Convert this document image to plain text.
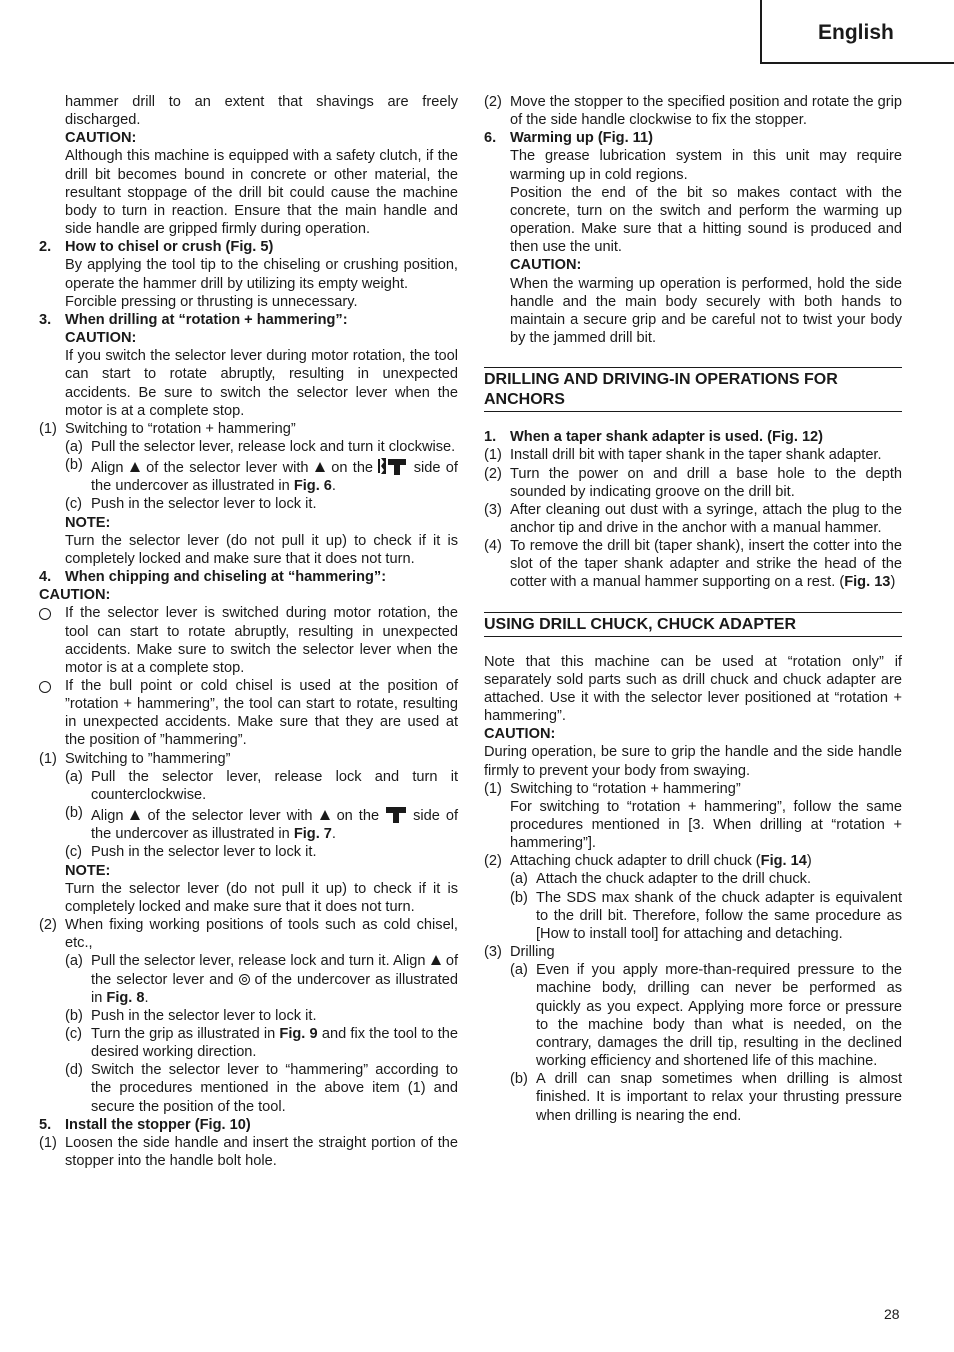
English
hammer drill to an extent that shavings are freely discharged.
CAUTION:
Although this machine is equipped with a safety clutch, if the drill bit becomes bound in concrete or other material, the resultant stoppage of the drill bit could cause the machine body to turn in reaction. Ensure that the main handle and side handle are gripped firmly during operation.
2. How to chisel or crush (Fig. 5)
By applying the tool tip to the chiseling or crushing position, operate the hammer drill by utilizing its empty weight.
Forcible pressing or thrusting is unnecessary.
3. When drilling at “rotation + hammering”:
CAUTION:
If you switch the selector lever during motor rotation, the tool can start to rotate abruptly, resulting in unexpected accidents. Be sure to switch the selector lever when the motor is at a complete stop.
(1) Switching to “rotation + hammering”
(a) Pull the selector lever, release lock and turn it clockwise.
(b) Align of the selector lever with on the	side of the undercover as illustrated in Fig. 6.
(c) Push in the selector lever to lock it.
NOTE:
Turn the selector lever (do not pull it up) to check if it is completely locked and make sure that it does not turn.
4. When chipping and chiseling at “hammering”:
CAUTION:
If the selector lever is switched during motor rotation, the tool can start to rotate abruptly, resulting in unexpected accidents. Make sure to switch the selector lever when the motor is at a complete stop.
If the bull point or cold chisel is used at the position of ”rotation + hammering”, the tool can start to rotate, resulting in unexpected accidents. Make sure that they are used at the position of ”hammering”.
(1) Switching to ”hammering”
(a) Pull the selector lever, release lock and turn it counterclockwise.
(b) Align of the selector lever with on the side of the undercover as illustrated in Fig. 7.
(c) Push in the selector lever to lock it.
NOTE:
Turn the selector lever (do not pull it up) to check if it is completely locked and make sure that it does not turn.
(2) When fixing working positions of tools such as cold chisel, etc.,
(a) Pull the selector lever, release lock and turn it. Align of the selector lever and of the undercover as illustrated in Fig. 8.
(b) Push in the selector lever to lock it.
(c) Turn the grip as illustrated in Fig. 9 and fix the tool to the desired working direction.
(d) Switch the selector lever to “hammering” according to the procedures mentioned in the above item (1) and secure the position of the tool.
5. Install the stopper (Fig. 10)
(1) Loosen the side handle and insert the straight portion of the stopper into the handle bolt hole.
(2) Move the stopper to the specified position and rotate the grip of the side handle clockwise to fix the stopper.
6. Warming up (Fig. 11)
The grease lubrication system in this unit may require warming up in cold regions.
Position the end of the bit so makes contact with the concrete, turn on the switch and perform the warming up operation. Make sure that a hitting sound is produced and then use the unit.
CAUTION:
When the warming up operation is performed, hold the side handle and the main body securely with both hands to maintain a secure grip and be careful not to twist your body by the jammed drill bit.
DRILLING AND DRIVING-IN OPERATIONS FOR ANCHORS
1. When a taper shank adapter is used. (Fig. 12)
(1) Install drill bit with taper shank in the taper shank adapter.
(2) Turn the power on and drill a base hole to the depth sounded by indicating groove on the drill bit.
(3) After cleaning out dust with a syringe, attach the plug to the anchor tip and drive in the anchor with a manual hammer.
(4) To remove the drill bit (taper shank), insert the cotter into the slot of the taper shank adapter and strike the head of the cotter with a manual hammer supporting on a rest. (Fig. 13)
USING DRILL CHUCK, CHUCK ADAPTER
Note that this machine can be used at “rotation only” if separately sold parts such as drill chuck and chuck adapter are attached. Use it with the selector lever positioned at “rotation + hammering”.
CAUTION:
During operation, be sure to grip the handle and the side handle firmly to prevent your body from swaying.
(1) Switching to “rotation + hammering”
For switching to “rotation + hammering”, follow the same procedures mentioned in [3. When drilling at “rotation + hammering”].
(2) Attaching chuck adapter to drill chuck (Fig. 14)
(a) Attach the chuck adapter to the drill chuck.
(b) The SDS max shank of the chuck adapter is equivalent to the drill bit. Therefore, follow the same procedure as [How to install tool] for attaching and detaching.
(3) Drilling
(a) Even if you apply more-than-required pressure to the machine body, drilling can never be performed as quickly as you expect. Applying more force or pressure to the machine body than what is needed, on the contrary, damages the drill tip, resulting in the declined working efficiency and shortened life of this machine.
(b) A drill can snap sometimes when drilling is almost finished. It is important to relax your thrusting pressure when drilling is nearing the end.
28
